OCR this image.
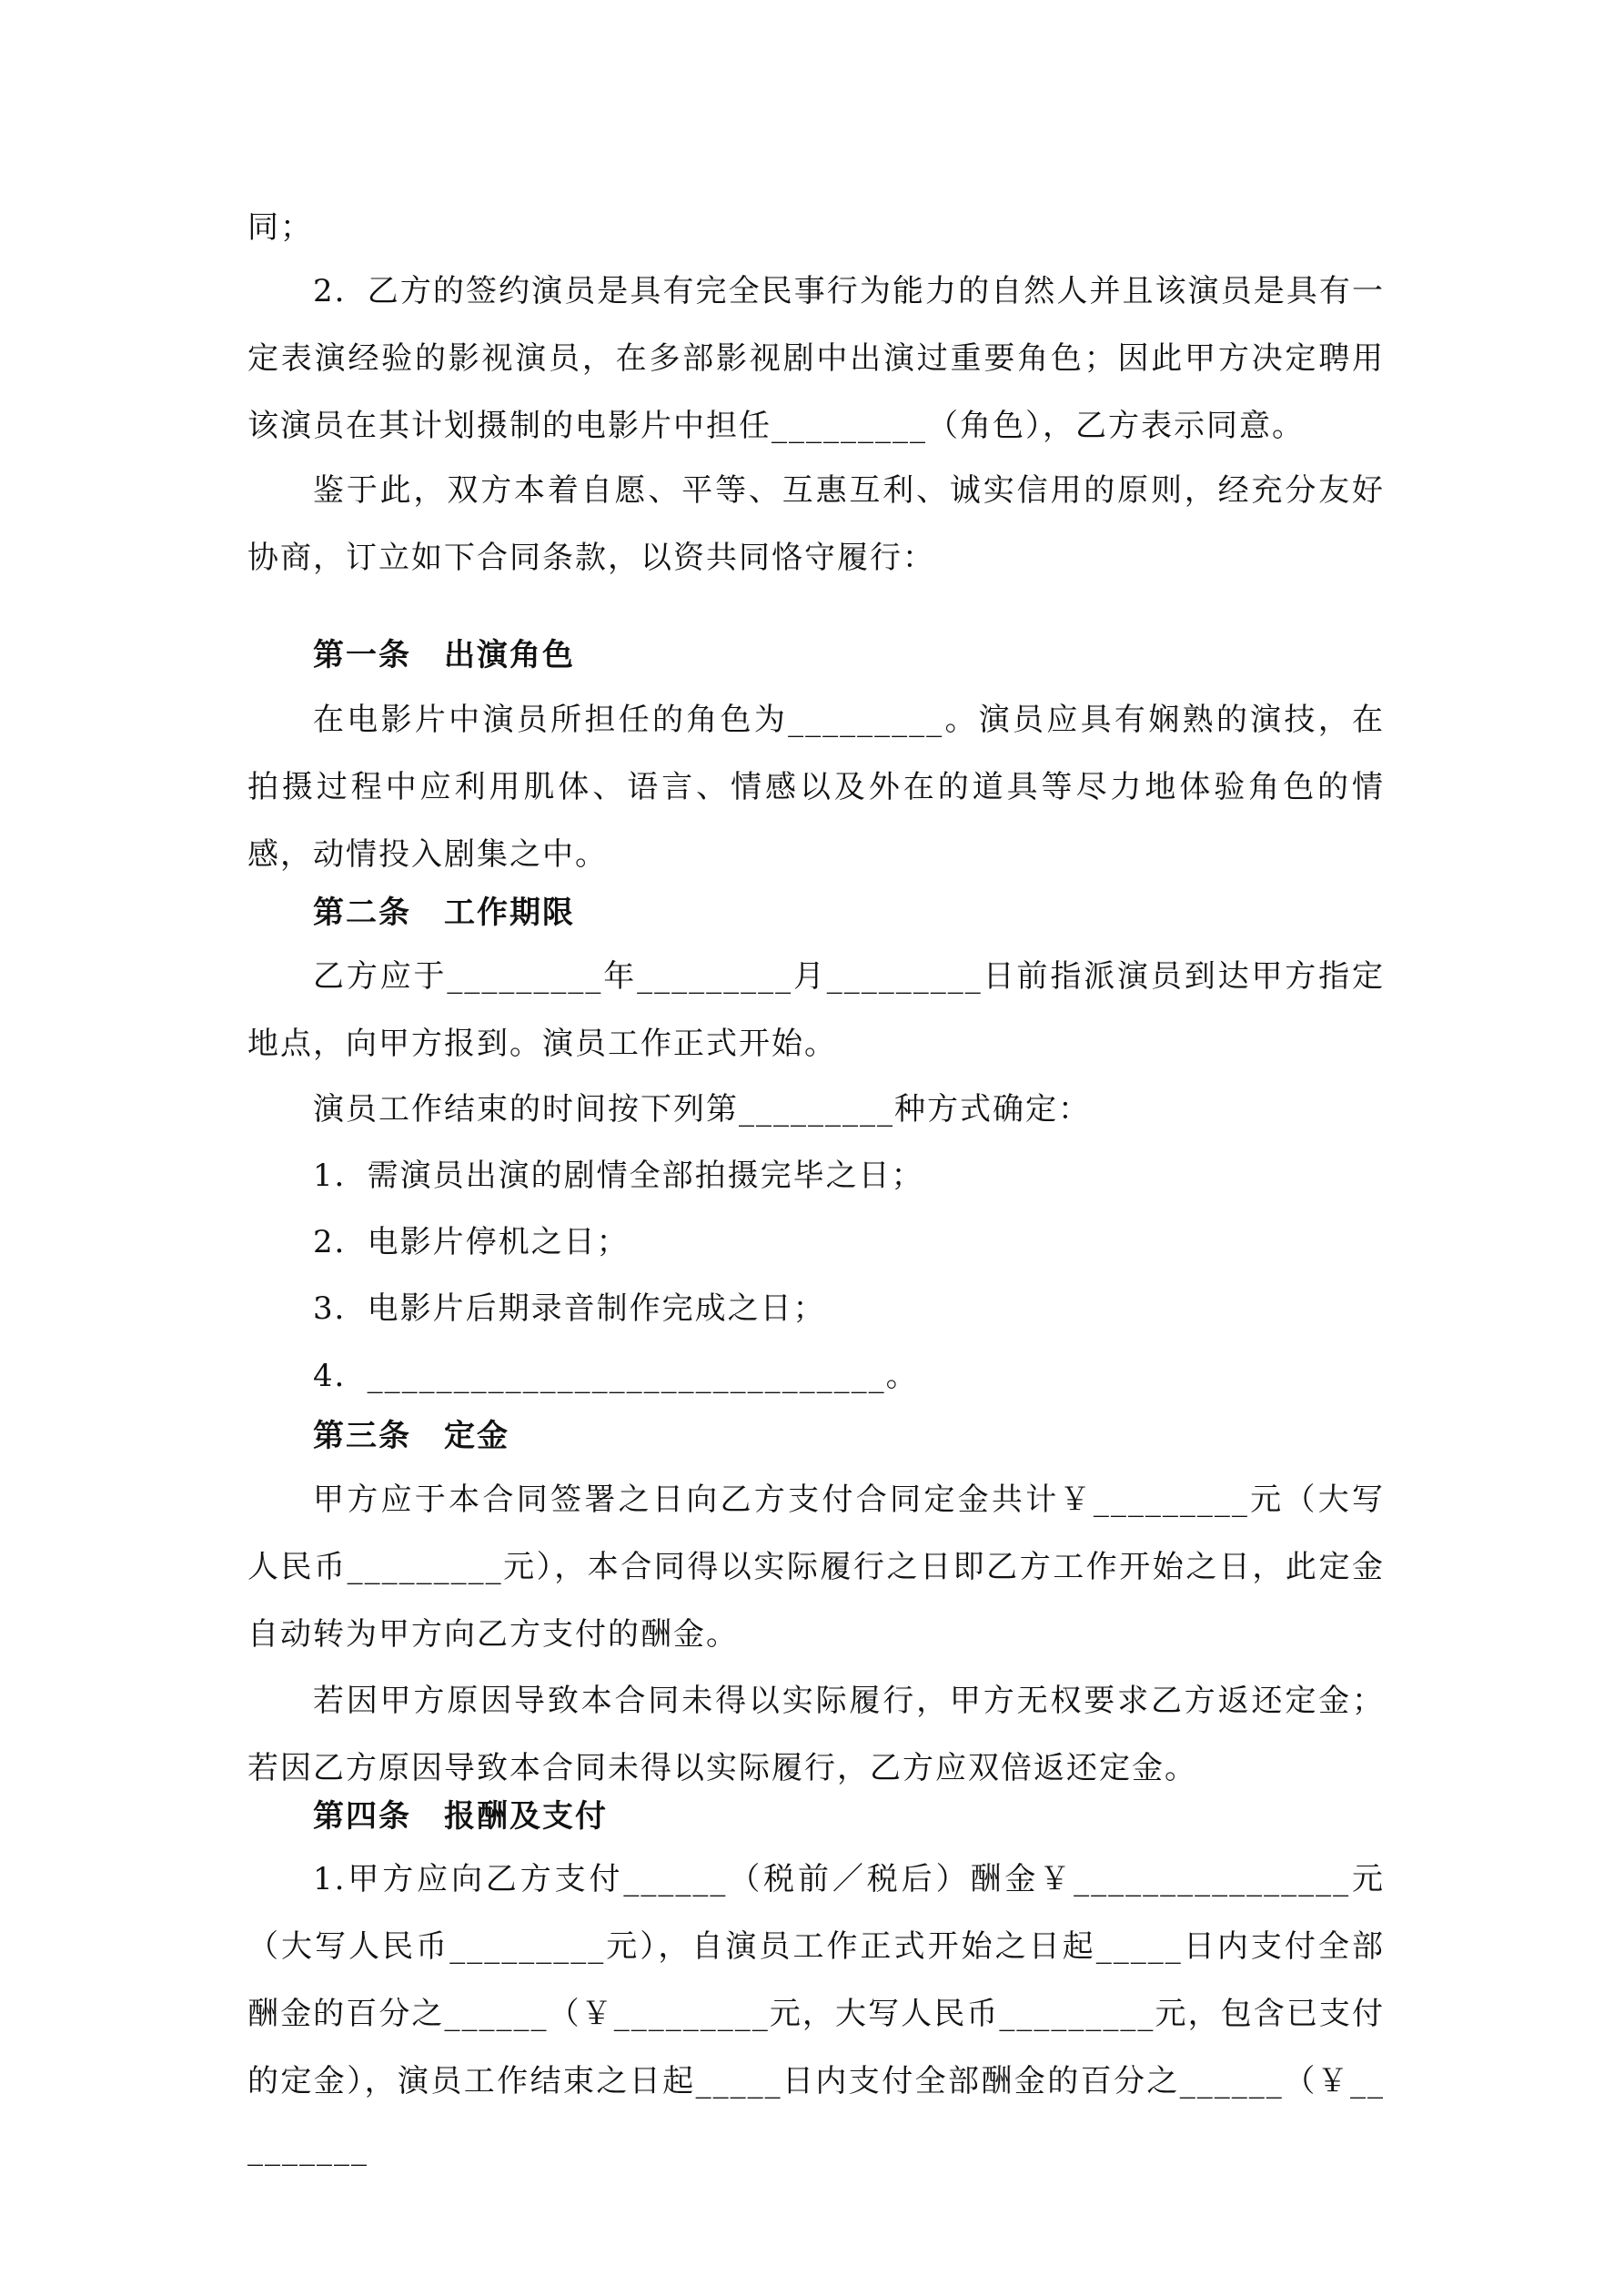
同；
2．乙方的签约演员是具有完全民事行为能力的自然人并且该演员是具有一定表演经验的影视演员，在多部影视剧中出演过重要角色；因此甲方决定聘用该演员在其计划摄制的电影片中担任_________（角色），乙方表示同意。
鉴于此，双方本着自愿、平等、互惠互利、诚实信用的原则，经充分友好协商，订立如下合同条款，以资共同恪守履行：
第一条　出演角色
在电影片中演员所担任的角色为_________。演员应具有娴熟的演技，在拍摄过程中应利用肌体、语言、情感以及外在的道具等尽力地体验角色的情感，动情投入剧集之中。
第二条　工作期限
乙方应于_________年_________月_________日前指派演员到达甲方指定地点，向甲方报到。演员工作正式开始。
演员工作结束的时间按下列第_________种方式确定：
1．需演员出演的剧情全部拍摄完毕之日；
2．电影片停机之日；
3．电影片后期录音制作完成之日；
4．______________________________。
第三条　定金
甲方应于本合同签署之日向乙方支付合同定金共计￥_________元（大写人民币_________元），本合同得以实际履行之日即乙方工作开始之日，此定金自动转为甲方向乙方支付的酬金。
若因甲方原因导致本合同未得以实际履行，甲方无权要求乙方返还定金；若因乙方原因导致本合同未得以实际履行，乙方应双倍返还定金。
第四条　报酬及支付
1.甲方应向乙方支付______（税前／税后）酬金￥________________元（大写人民币_________元），自演员工作正式开始之日起_____日内支付全部酬金的百分之______（￥_________元，大写人民币_________元，包含已支付的定金），演员工作结束之日起_____日内支付全部酬金的百分之______（￥_________
